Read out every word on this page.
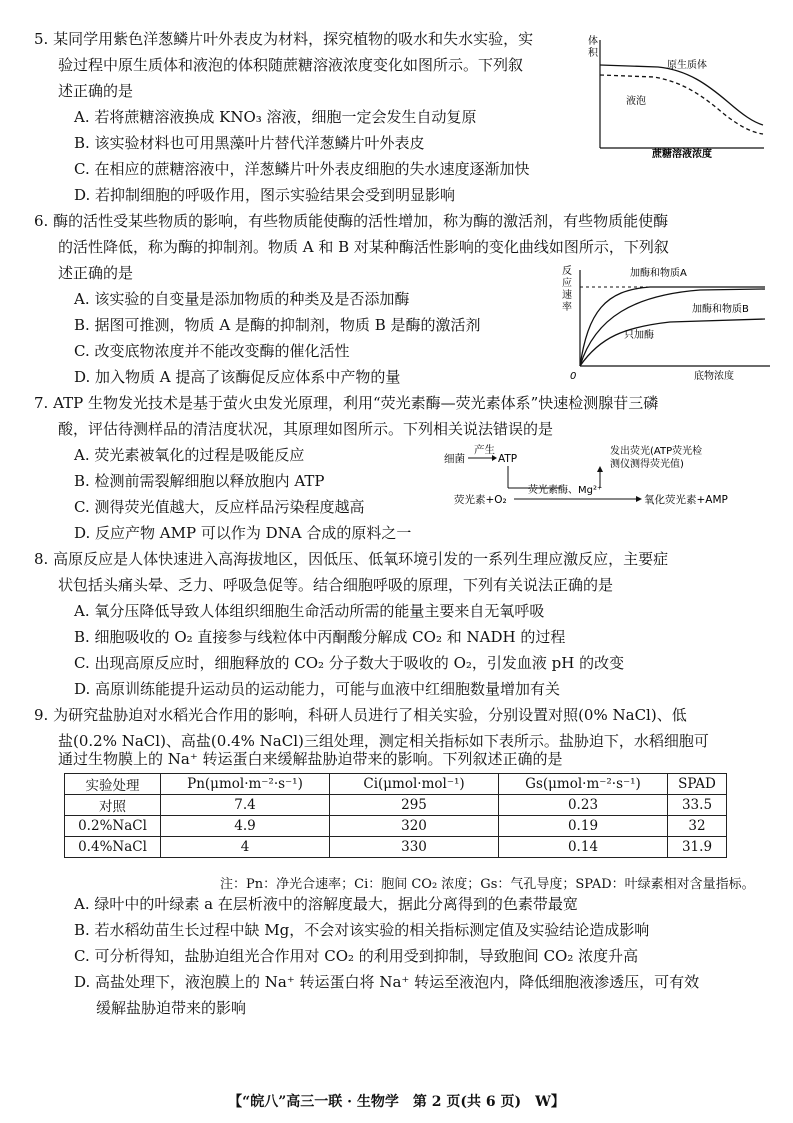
5. 某同学用紫色洋葱鳞片叶外表皮为材料，探究植物的吸水和失水实验，实
验过程中原生质体和液泡的体积随蔗糖溶液浓度变化如图所示。下列叙
述正确的是
A. 若将蔗糖溶液换成 KNO₃ 溶液，细胞一定会发生自动复原
B. 该实验材料也可用黑藻叶片替代洋葱鳞片叶外表皮
C. 在相应的蔗糖溶液中，洋葱鳞片叶外表皮细胞的失水速度逐渐加快
D. 若抑制细胞的呼吸作用，图示实验结果会受到明显影响
体
积
原生质体
液泡
蔗糖溶液浓度
6. 酶的活性受某些物质的影响，有些物质能使酶的活性增加，称为酶的激活剂，有些物质能使酶
的活性降低，称为酶的抑制剂。物质 A 和 B 对某种酶活性影响的变化曲线如图所示，下列叙
述正确的是
A. 该实验的自变量是添加物质的种类及是否添加酶
B. 据图可推测，物质 A 是酶的抑制剂，物质 B 是酶的激活剂
C. 改变底物浓度并不能改变酶的催化活性
D. 加入物质 A 提高了该酶促反应体系中产物的量
反
应
速
率
加酶和物质A
加酶和物质B
只加酶
0	底物浓度
7. ATP 生物发光技术是基于萤火虫发光原理，利用“荧光素酶—荧光素体系”快速检测腺苷三磷
酸，评估待测样品的清洁度状况，其原理如图所示。下列相关说法错误的是
A. 荧光素被氧化的过程是吸能反应
B. 检测前需裂解细胞以释放胞内 ATP
C. 测得荧光值越大，反应样品污染程度越高
D. 反应产物 AMP 可以作为 DNA 合成的原料之一
细菌
产生
ATP
发出荧光(ATP荧光检
测仪测得荧光值)
荧光素+O₂
荧光素酶、Mg²⁺
氧化荧光素+AMP
8. 高原反应是人体快速进入高海拔地区，因低压、低氧环境引发的一系列生理应激反应，主要症
状包括头痛头晕、乏力、呼吸急促等。结合细胞呼吸的原理，下列有关说法正确的是
A. 氧分压降低导致人体组织细胞生命活动所需的能量主要来自无氧呼吸
B. 细胞吸收的 O₂ 直接参与线粒体中丙酮酸分解成 CO₂ 和 NADH 的过程
C. 出现高原反应时，细胞释放的 CO₂ 分子数大于吸收的 O₂，引发血液 pH 的改变
D. 高原训练能提升运动员的运动能力，可能与血液中红细胞数量增加有关
9. 为研究盐胁迫对水稻光合作用的影响，科研人员进行了相关实验，分别设置对照(0% NaCl)、低
盐(0.2% NaCl)、高盐(0.4% NaCl)三组处理，测定相关指标如下表所示。盐胁迫下，水稻细胞可
通过生物膜上的 Na⁺ 转运蛋白来缓解盐胁迫带来的影响。下列叙述正确的是
实验处理	Pn(μmol·m⁻²·s⁻¹)	Ci(μmol·mol⁻¹)	Gs(μmol·m⁻²·s⁻¹)	SPAD
对照	7.4	295	0.23	33.5
0.2%NaCl	4.9	320	0.19	32
0.4%NaCl	4	330	0.14	31.9
注：Pn：净光合速率；Ci：胞间 CO₂ 浓度；Gs：气孔导度；SPAD：叶绿素相对含量指标。
A. 绿叶中的叶绿素 a 在层析液中的溶解度最大，据此分离得到的色素带最宽
B. 若水稻幼苗生长过程中缺 Mg，不会对该实验的相关指标测定值及实验结论造成影响
C. 可分析得知，盐胁迫组光合作用对 CO₂ 的利用受到抑制，导致胞间 CO₂ 浓度升高
D. 高盐处理下，液泡膜上的 Na⁺ 转运蛋白将 Na⁺ 转运至液泡内，降低细胞液渗透压，可有效
缓解盐胁迫带来的影响
【“皖八”高三一联 · 生物学　第 2 页(共 6 页)　W】
